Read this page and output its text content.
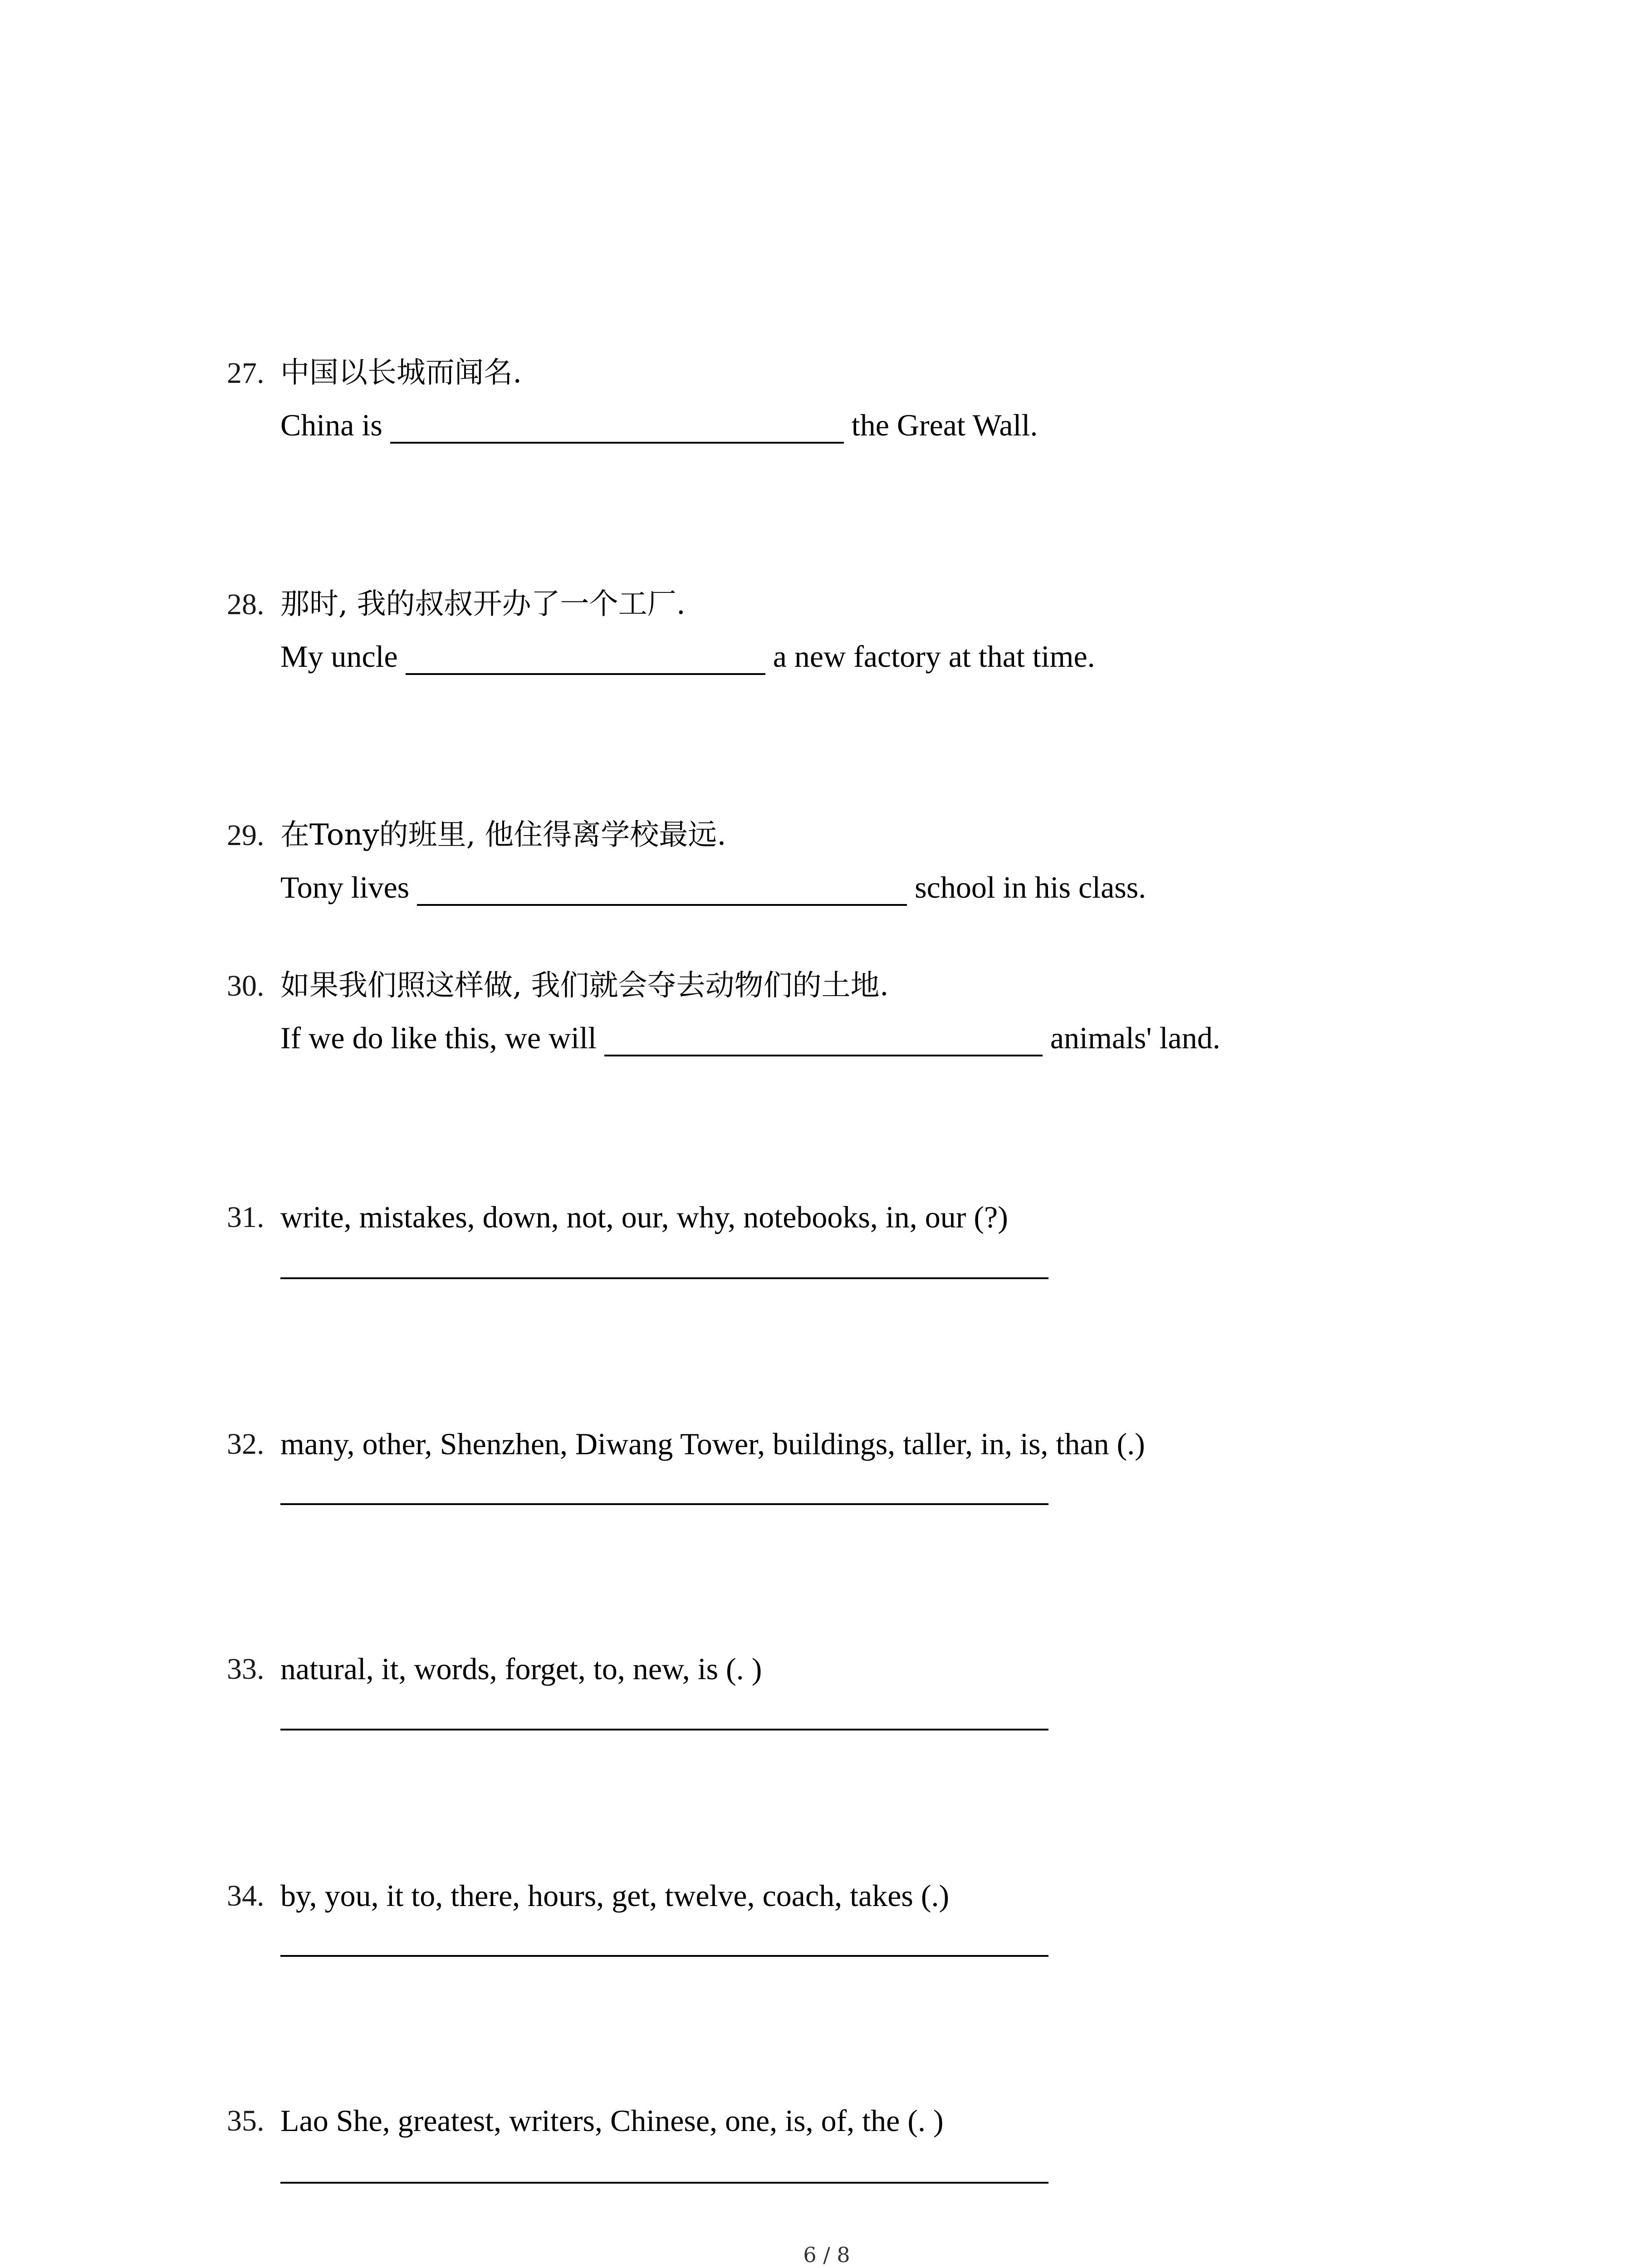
27. 中国以长城而闻名.
China is	the Great Wall.
28. 那时, 我的叔叔开办了一个工厂.
My uncle	a new factory at that time.
29. 在Tony的班里, 他住得离学校最远.
Tony lives	school in his class.
30. 如果我们照这样做, 我们就会夺去动物们的土地.
If we do like this, we will	animals' land.
31. write, mistakes, down, not, our, why, notebooks, in, our (?)
32. many, other, Shenzhen, Diwang Tower, buildings, taller, in, is, than (.)
33. natural, it, words, forget, to, new, is (. )
34. by, you, it to, there, hours, get, twelve, coach, takes (.)
35. Lao She, greatest, writers, Chinese, one, is, of, the (. )
6 / 8
